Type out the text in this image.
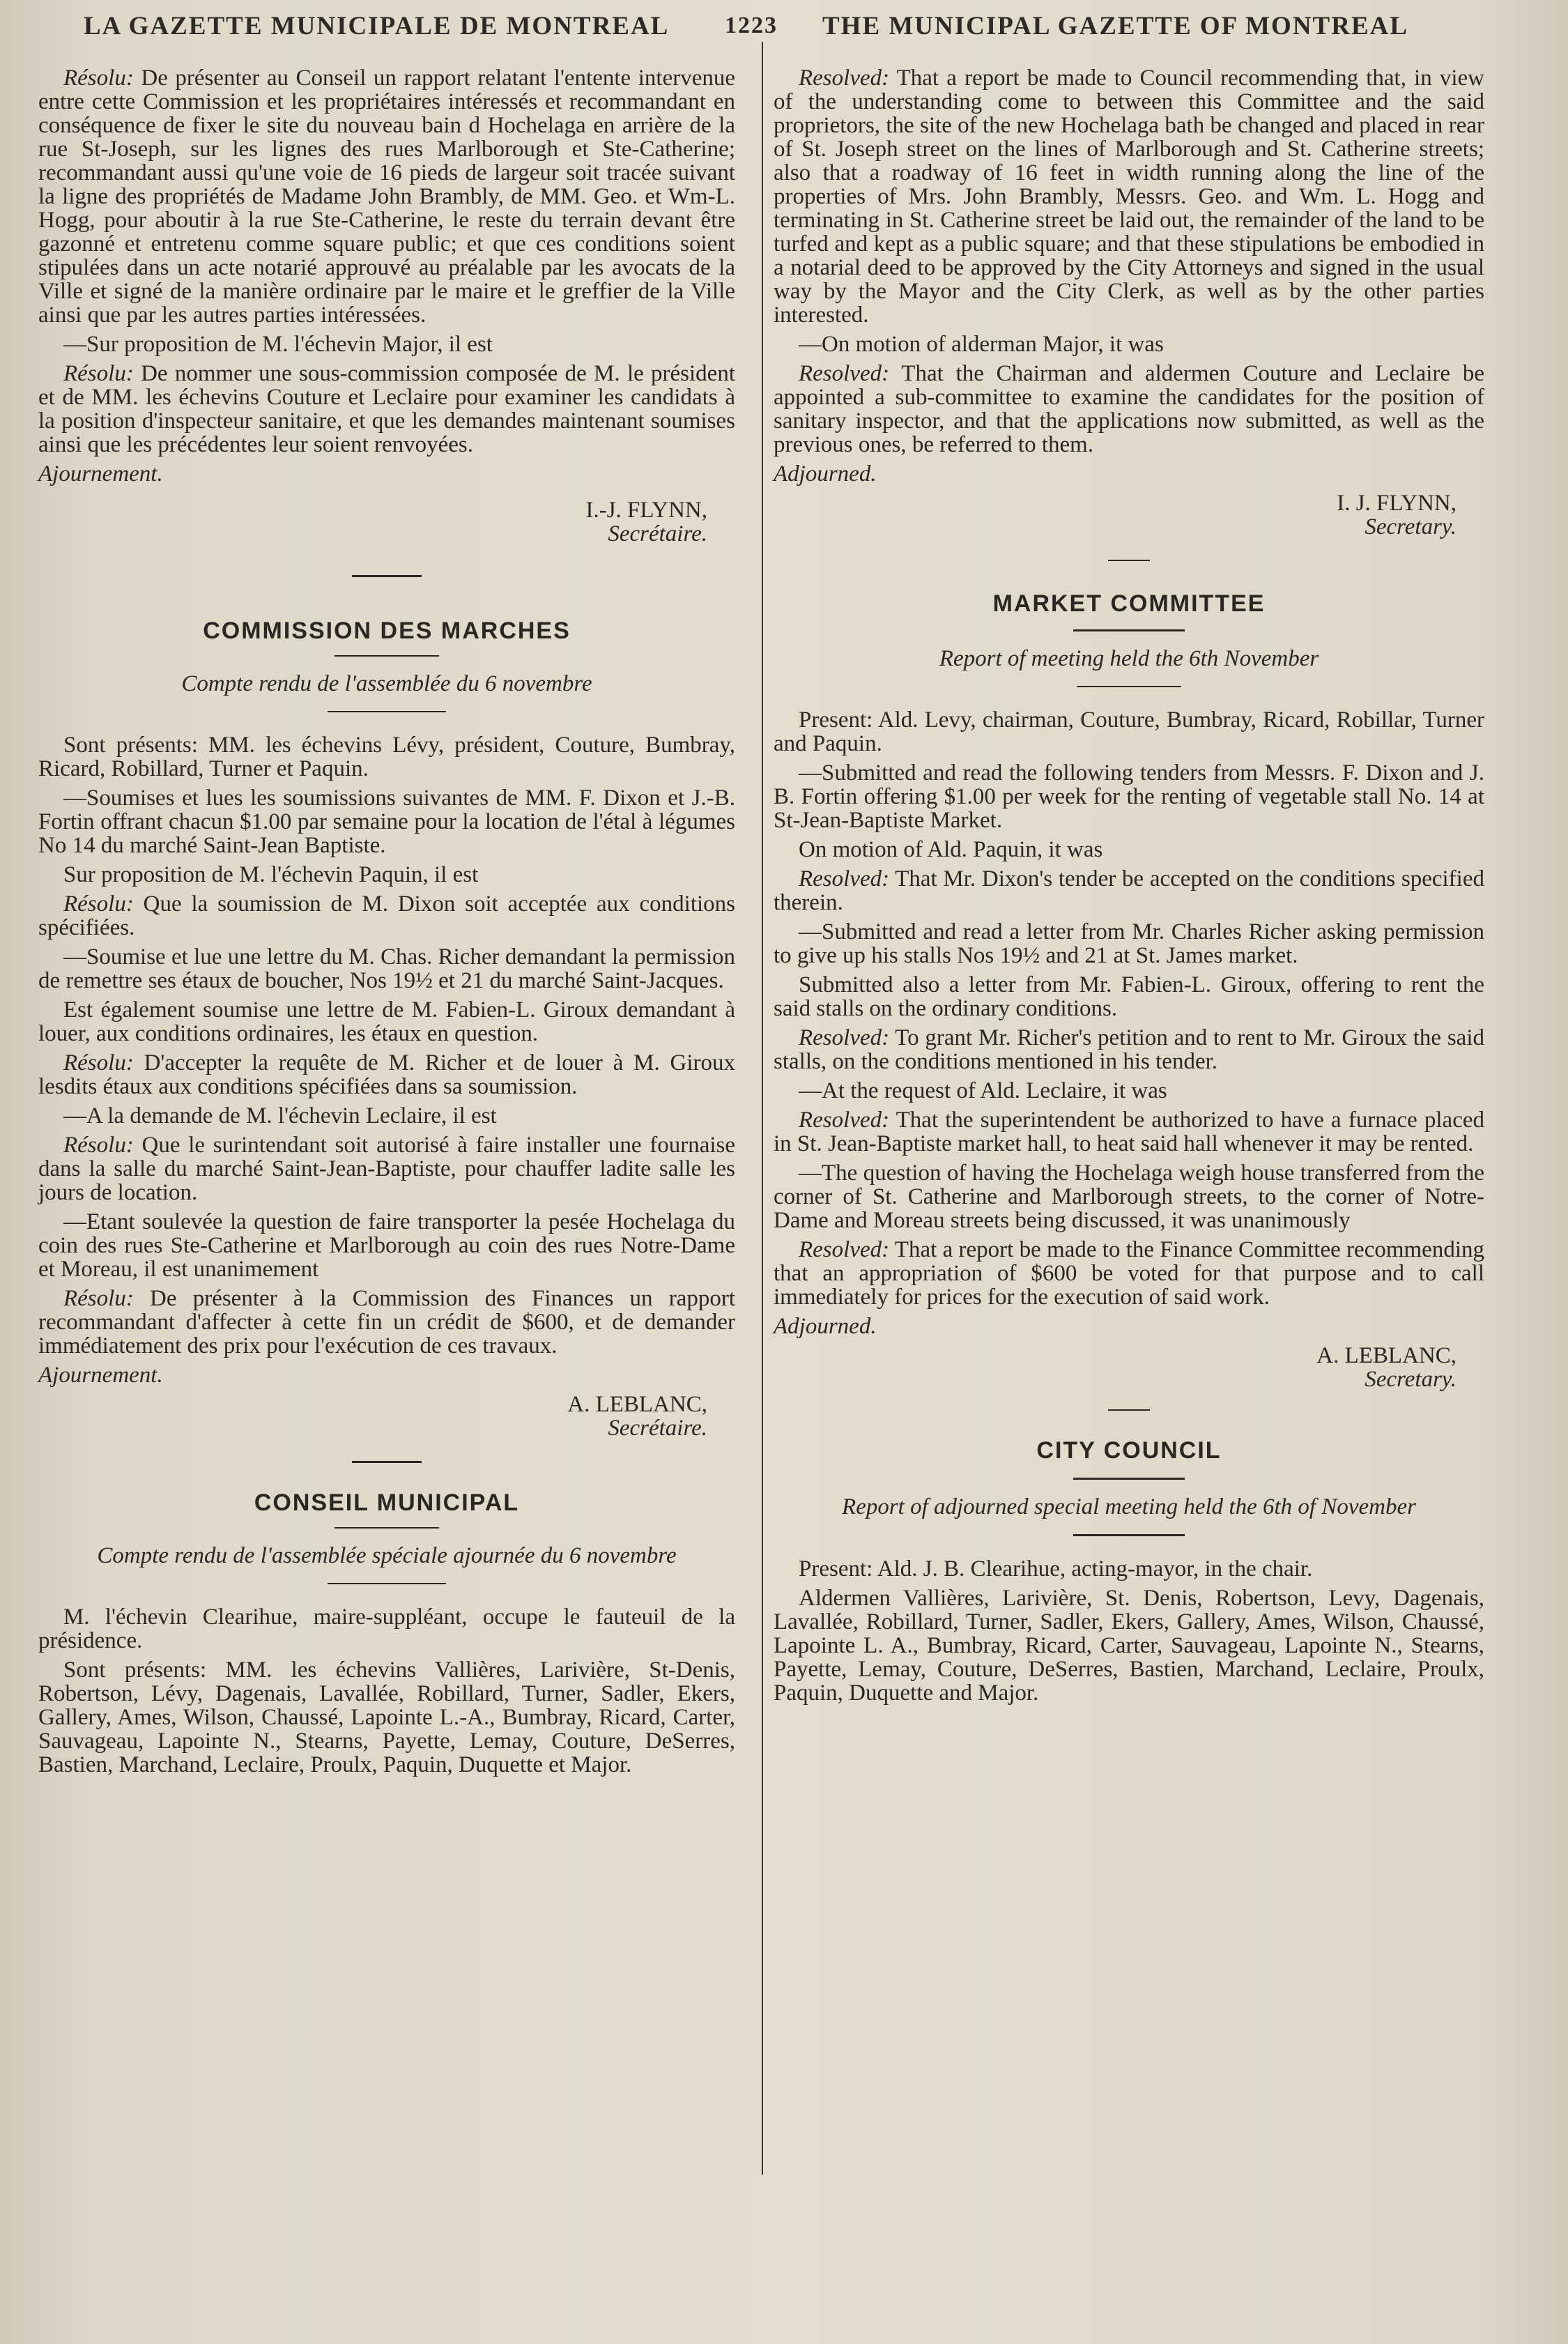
LA GAZETTE MUNICIPALE DE MONTREAL 1223 THE MUNICIPAL GAZETTE OF MONTREAL

Résolu: De présenter au Conseil un rapport relatant l'entente intervenue entre cette Commission et les propriétaires intéressés et recommandant en conséquence de fixer le site du nouveau bain d Hochelaga en arrière de la rue St-Joseph, sur les lignes des rues Marlborough et Ste-Catherine; recommandant aussi qu'une voie de 16 pieds de largeur soit tracée suivant la ligne des propriétés de Madame John Brambly, de MM. Geo. et Wm-L. Hogg, pour aboutir à la rue Ste-Catherine, le reste du terrain devant être gazonné et entretenu comme square public; et que ces conditions soient stipulées dans un acte notarié approuvé au préalable par les avocats de la Ville et signé de la manière ordinaire par le maire et le greffier de la Ville ainsi que par les autres parties intéressées.

—Sur proposition de M. l'échevin Major, il est

Résolu: De nommer une sous-commission composée de M. le président et de MM. les échevins Couture et Leclaire pour examiner les candidats à la position d'inspecteur sanitaire, et que les demandes maintenant soumises ainsi que les précédentes leur soient renvoyées.

Ajournement.

I.-J. FLYNN,
Secrétaire.
COMMISSION DES MARCHES
Compte rendu de l'assemblée du 6 novembre

Sont présents: MM. les échevins Lévy, président, Couture, Bumbray, Ricard, Robillard, Turner et Paquin.

—Soumises et lues les soumissions suivantes de MM. F. Dixon et J.-B. Fortin offrant chacun $1.00 par semaine pour la location de l'étal à légumes No 14 du marché Saint-Jean Baptiste.

Sur proposition de M. l'échevin Paquin, il est

Résolu: Que la soumission de M. Dixon soit acceptée aux conditions spécifiées.

—Soumise et lue une lettre du M. Chas. Richer demandant la permission de remettre ses étaux de boucher, Nos 19½ et 21 du marché Saint-Jacques.

Est également soumise une lettre de M. Fabien-L. Giroux demandant à louer, aux conditions ordinaires, les étaux en question.

Résolu: D'accepter la requête de M. Richer et de louer à M. Giroux lesdits étaux aux conditions spécifiées dans sa soumission.

—A la demande de M. l'échevin Leclaire, il est

Résolu: Que le surintendant soit autorisé à faire installer une fournaise dans la salle du marché Saint-Jean-Baptiste, pour chauffer ladite salle les jours de location.

—Etant soulevée la question de faire transporter la pesée Hochelaga du coin des rues Ste-Catherine et Marlborough au coin des rues Notre-Dame et Moreau, il est unanimement

Résolu: De présenter à la Commission des Finances un rapport recommandant d'affecter à cette fin un crédit de $600, et de demander immédiatement des prix pour l'exécution de ces travaux.

Ajournement.

A. LEBLANC,
Secrétaire.
CONSEIL MUNICIPAL
Compte rendu de l'assemblée spéciale ajournée du 6 novembre

M. l'échevin Clearihue, maire-suppléant, occupe le fauteuil de la présidence.

Sont présents: MM. les échevins Vallières, Larivière, St-Denis, Robertson, Lévy, Dagenais, Lavallée, Robillard, Turner, Sadler, Ekers, Gallery, Ames, Wilson, Chaussé, Lapointe L.-A., Bumbray, Ricard, Carter, Sauvageau, Lapointe N., Stearns, Payette, Lemay, Couture, DeSerres, Bastien, Marchand, Leclaire, Proulx, Paquin, Duquette et Major.

Resolved: That a report be made to Council recommending that, in view of the understanding come to between this Committee and the said proprietors, the site of the new Hochelaga bath be changed and placed in rear of St. Joseph street on the lines of Marlborough and St. Catherine streets; also that a roadway of 16 feet in width running along the line of the properties of Mrs. John Brambly, Messrs. Geo. and Wm. L. Hogg and terminating in St. Catherine street be laid out, the remainder of the land to be turfed and kept as a public square; and that these stipulations be embodied in a notarial deed to be approved by the City Attorneys and signed in the usual way by the Mayor and the City Clerk, as well as by the other parties interested.

—On motion of alderman Major, it was

Resolved: That the Chairman and aldermen Couture and Leclaire be appointed a sub-committee to examine the candidates for the position of sanitary inspector, and that the applications now submitted, as well as the previous ones, be referred to them.

Adjourned.

I. J. FLYNN,
Secretary.
MARKET COMMITTEE
Report of meeting held the 6th November

Present: Ald. Levy, chairman, Couture, Bumbray, Ricard, Robillar, Turner and Paquin.

—Submitted and read the following tenders from Messrs. F. Dixon and J. B. Fortin offering $1.00 per week for the renting of vegetable stall No. 14 at St-Jean-Baptiste Market.

On motion of Ald. Paquin, it was

Resolved: That Mr. Dixon's tender be accepted on the conditions specified therein.

—Submitted and read a letter from Mr. Charles Richer asking permission to give up his stalls Nos 19½ and 21 at St. James market.

Submitted also a letter from Mr. Fabien-L. Giroux, offering to rent the said stalls on the ordinary conditions.

Resolved: To grant Mr. Richer's petition and to rent to Mr. Giroux the said stalls, on the conditions mentioned in his tender.

—At the request of Ald. Leclaire, it was

Resolved: That the superintendent be authorized to have a furnace placed in St. Jean-Baptiste market hall, to heat said hall whenever it may be rented.

—The question of having the Hochelaga weigh house transferred from the corner of St. Catherine and Marlborough streets, to the corner of Notre-Dame and Moreau streets being discussed, it was unanimously

Resolved: That a report be made to the Finance Committee recommending that an appropriation of $600 be voted for that purpose and to call immediately for prices for the execution of said work.

Adjourned.

A. LEBLANC,
Secretary.
CITY COUNCIL
Report of adjourned special meeting held the 6th of November

Present: Ald. J. B. Clearihue, acting-mayor, in the chair.

Aldermen Vallières, Larivière, St. Denis, Robertson, Levy, Dagenais, Lavallée, Robillard, Turner, Sadler, Ekers, Gallery, Ames, Wilson, Chaussé, Lapointe L. A., Bumbray, Ricard, Carter, Sauvageau, Lapointe N., Stearns, Payette, Lemay, Couture, DeSerres, Bastien, Marchand, Leclaire, Proulx, Paquin, Duquette and Major.
